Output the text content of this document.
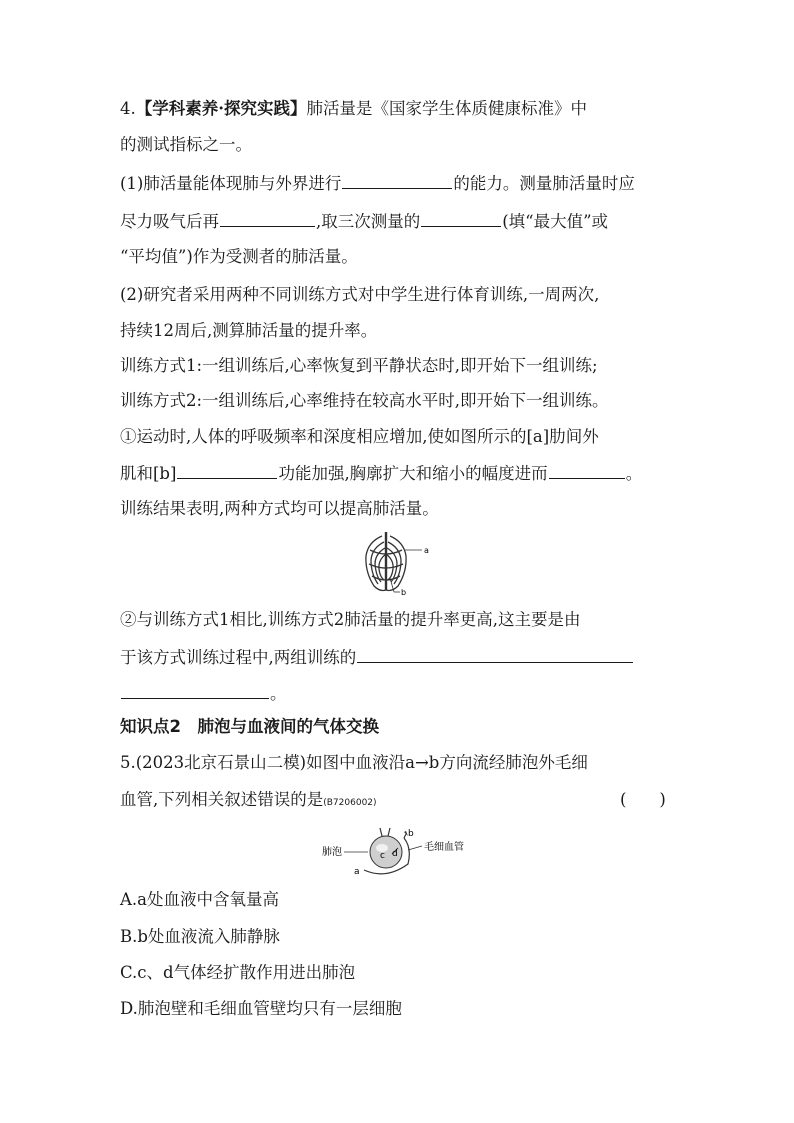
4.【学科素养·探究实践】肺活量是《国家学生体质健康标准》中
的测试指标之一。
(1)肺活量能体现肺与外界进行	的能力。测量肺活量时应
尽力吸气后再	,取三次测量的	(填“最大值”或
“平均值”)作为受测者的肺活量。
(2)研究者采用两种不同训练方式对中学生进行体育训练,一周两次,
持续12周后,测算肺活量的提升率。
训练方式1:一组训练后,心率恢复到平静状态时,即开始下一组训练;
训练方式2:一组训练后,心率维持在较高水平时,即开始下一组训练。
①运动时,人体的呼吸频率和深度相应增加,使如图所示的[a]肋间外
肌和[b]	功能加强,胸廓扩大和缩小的幅度进而	。
训练结果表明,两种方式均可以提高肺活量。
a
b
②与训练方式1相比,训练方式2肺活量的提升率更高,这主要是由
于该方式训练过程中,两组训练的
。
知识点2　肺泡与血液间的气体交换
5.(2023北京石景山二模)如图中血液沿a→b方向流经肺泡外毛细
血管,下列相关叙述错误的是(B7206002)	(　　)
肺泡	c d
a
b
毛细血管
A.a处血液中含氧量高
B.b处血液流入肺静脉
C.c、d气体经扩散作用进出肺泡
D.肺泡壁和毛细血管壁均只有一层细胞
